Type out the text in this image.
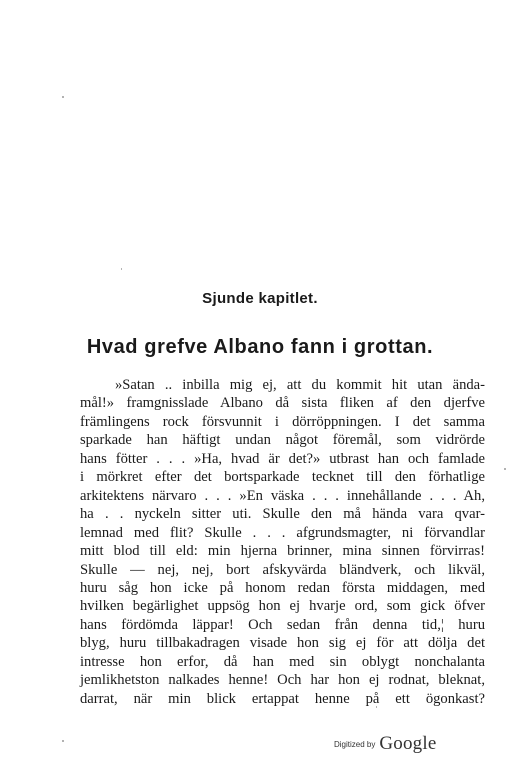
Sjunde kapitlet.
Hvad grefve Albano fann i grottan.
»Satan .. inbilla mig ej, att du kommit hit utan ända-
mål!» framgnisslade Albano då sista fliken af den djerfve
främlingens rock försvunnit i dörröppningen. I det samma
sparkade han häftigt undan något föremål, som vidrörde
hans fötter . . . »Ha, hvad är det?» utbrast han och famlade
i mörkret efter det bortsparkade tecknet till den förhatlige
arkitektens närvaro . . . »En väska . . . innehållande . . . Ah,
ha . . nyckeln sitter uti. Skulle den må hända vara qvar-
lemnad med flit? Skulle . . . afgrundsmagter, ni förvandlar
mitt blod till eld: min hjerna brinner, mina sinnen förvirras!
Skulle — nej, nej, bort afskyvärda bländverk, och likväl,
huru såg hon icke på honom redan första middagen, med
hvilken begärlighet uppsög hon ej hvarje ord, som gick öfver
hans fördömda läppar! Och sedan från denna tid,¦ huru
blyg, huru tillbakadragen visade hon sig ej för att dölja det
intresse hon erfor, då han med sin oblygt nonchalanta
jemlikhetston nalkades henne! Och har hon ej rodnat, bleknat,
darrat, när min blick ertappat henne på ett ögonkast?
Digitized by Google
